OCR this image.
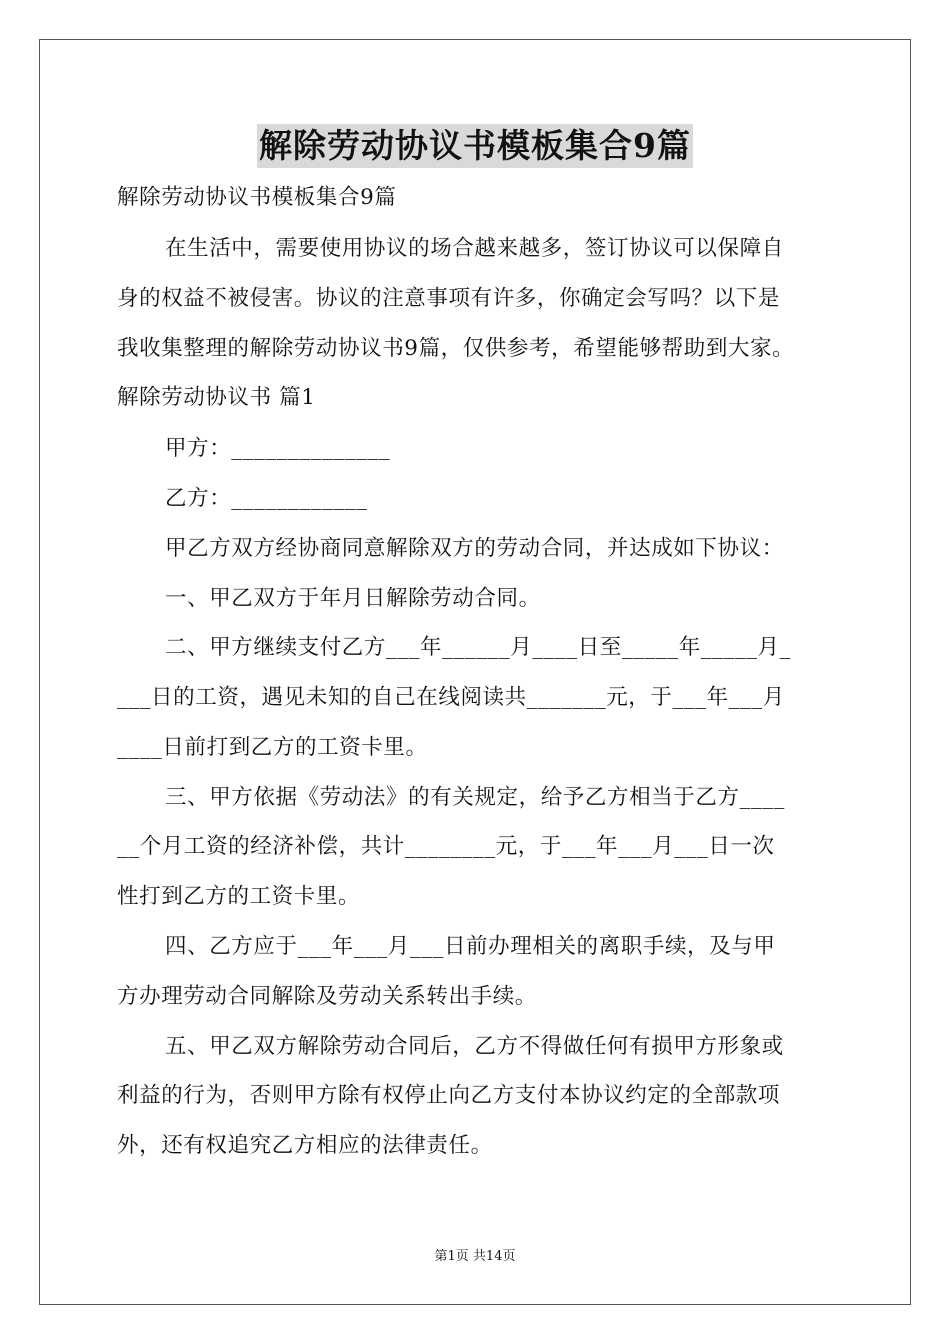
解除劳动协议书模板集合9篇
解除劳动协议书模板集合9篇
在生活中，需要使用协议的场合越来越多，签订协议可以保障自
身的权益不被侵害。协议的注意事项有许多，你确定会写吗？以下是
我收集整理的解除劳动协议书9篇，仅供参考，希望能够帮助到大家。
解除劳动协议书 篇1
甲方：______________
乙方：____________
甲乙方双方经协商同意解除双方的劳动合同，并达成如下协议：
一、甲乙双方于年月日解除劳动合同。
二、甲方继续支付乙方___年______月____日至_____年_____月_
___日的工资，遇见未知的自己在线阅读共_______元，于___年___月
____日前打到乙方的工资卡里。
三、甲方依据《劳动法》的有关规定，给予乙方相当于乙方____
__个月工资的经济补偿，共计________元，于___年___月___日一次
性打到乙方的工资卡里。
四、乙方应于___年___月___日前办理相关的离职手续，及与甲
方办理劳动合同解除及劳动关系转出手续。
五、甲乙双方解除劳动合同后，乙方不得做任何有损甲方形象或
利益的行为，否则甲方除有权停止向乙方支付本协议约定的全部款项
外，还有权追究乙方相应的法律责任。
第1页 共14页
